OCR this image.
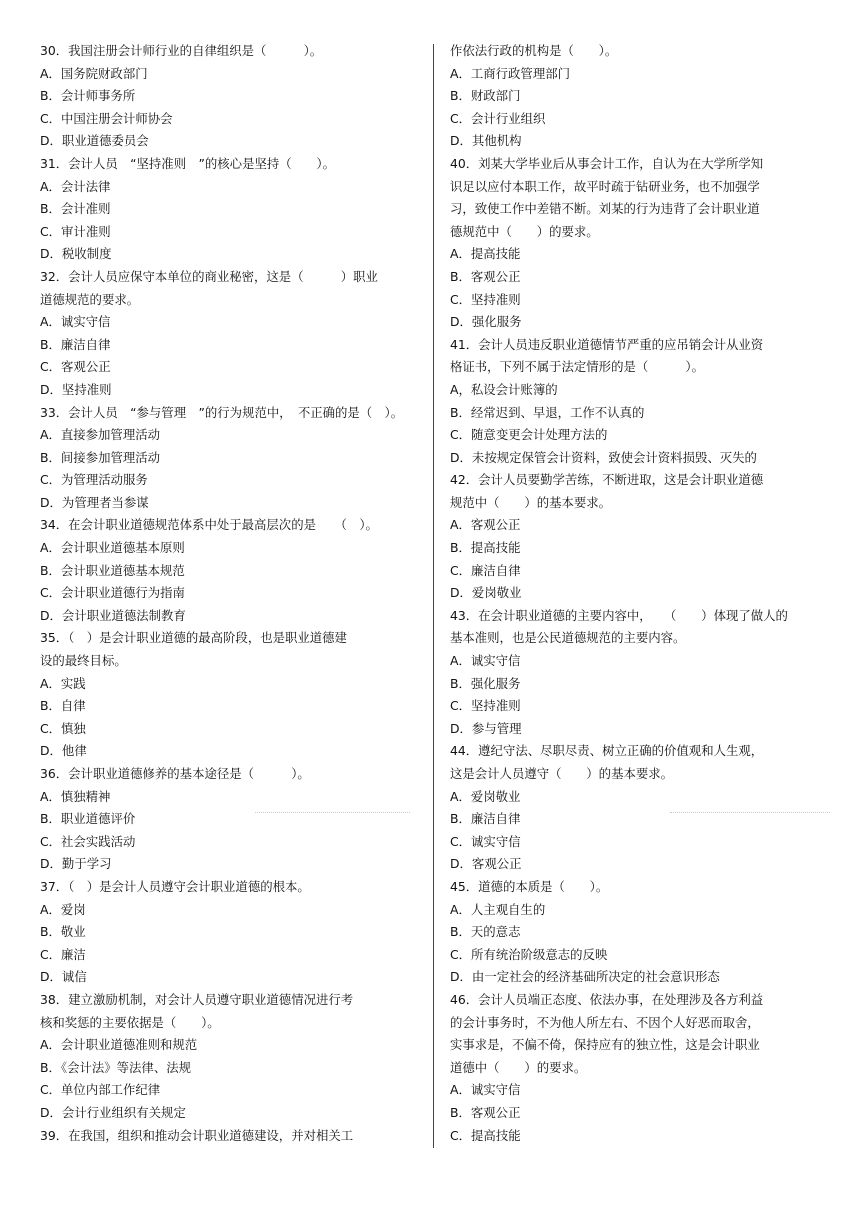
30．我国注册会计师行业的自律组织是（　　　）。
A．国务院财政部门
B．会计师事务所
C．中国注册会计师协会
D．职业道德委员会
31．会计人员　“坚持准则　”的核心是坚持（　　）。
A．会计法律
B．会计准则
C．审计准则
D．税收制度
32．会计人员应保守本单位的商业秘密，这是（　　　）职业
道德规范的要求。
A．诚实守信
B．廉洁自律
C．客观公正
D．坚持准则
33．会计人员　“参与管理　”的行为规范中，　不正确的是（　）。
A．直接参加管理活动
B．间接参加管理活动
C．为管理活动服务
D．为管理者当参谋
34．在会计职业道德规范体系中处于最高层次的是　　（　）。
A．会计职业道德基本原则
B．会计职业道德基本规范
C．会计职业道德行为指南
D．会计职业道德法制教育
35．（　）是会计职业道德的最高阶段，也是职业道德建
设的最终目标。
A．实践
B．自律
C．慎独
D．他律
36．会计职业道德修养的基本途径是（　　　）。
A．慎独精神
B．职业道德评价
C．社会实践活动
D．勤于学习
37．（　）是会计人员遵守会计职业道德的根本。
A．爱岗
B．敬业
C．廉洁
D．诚信
38．建立激励机制，对会计人员遵守职业道德情况进行考
核和奖惩的主要依据是（　　）。
A．会计职业道德准则和规范
B．《会计法》等法律、法规
C．单位内部工作纪律
D．会计行业组织有关规定
39．在我国，组织和推动会计职业道德建设，并对相关工
作依法行政的机构是（　　）。
A．工商行政管理部门
B．财政部门
C．会计行业组织
D．其他机构
40．刘某大学毕业后从事会计工作，自认为在大学所学知
识足以应付本职工作，故平时疏于钻研业务，也不加强学
习，致使工作中差错不断。刘某的行为违背了会计职业道
德规范中（　　）的要求。
A．提高技能
B．客观公正
C．坚持准则
D．强化服务
41．会计人员违反职业道德情节严重的应吊销会计从业资
格证书，下列不属于法定情形的是（　　　）。
A，私设会计账簿的
B．经常迟到、早退，工作不认真的
C．随意变更会计处理方法的
D．未按规定保管会计资料，致使会计资料损毁、灭失的
42．会计人员要勤学苦练，不断进取，这是会计职业道德
规范中（　　）的基本要求。
A．客观公正
B．提高技能
C．廉洁自律
D．爱岗敬业
43．在会计职业道德的主要内容中，　　（　　）体现了做人的
基本准则，也是公民道德规范的主要内容。
A．诚实守信
B．强化服务
C．坚持准则
D．参与管理
44．遵纪守法、尽职尽责、树立正确的价值观和人生观，
这是会计人员遵守（　　）的基本要求。
A．爱岗敬业
B．廉洁自律
C．诚实守信
D．客观公正
45．道德的本质是（　　）。
A．人主观自生的
B．天的意志
C．所有统治阶级意志的反映
D．由一定社会的经济基础所决定的社会意识形态
46．会计人员端正态度、依法办事，在处理涉及各方利益
的会计事务时，不为他人所左右、不因个人好恶而取舍，
实事求是，不偏不倚，保持应有的独立性，这是会计职业
道德中（　　）的要求。
A．诚实守信
B．客观公正
C．提高技能
